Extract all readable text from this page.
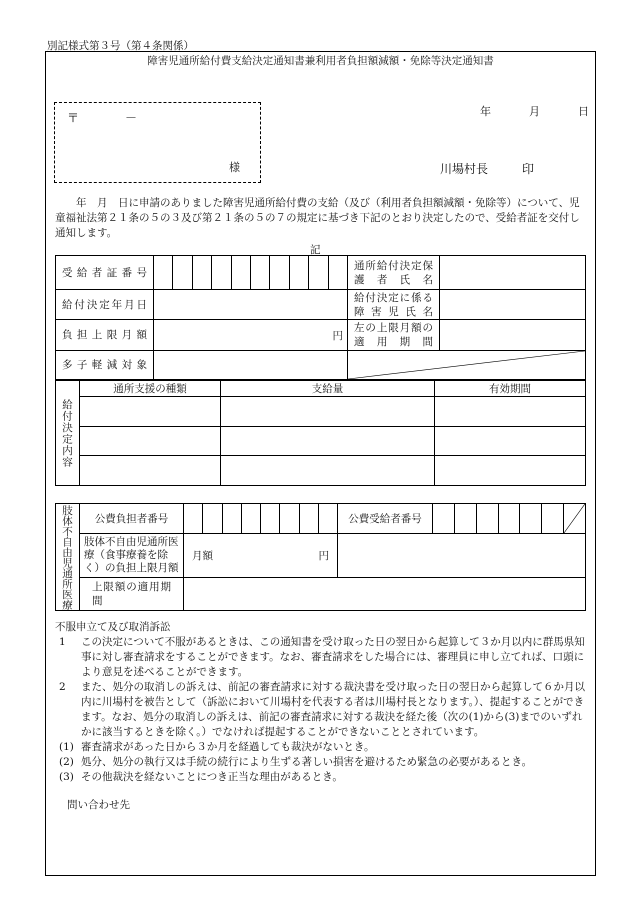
別記様式第３号（第４条関係）
障害児通所給付費支給決定通知書兼利用者負担額減額・免除等決定通知書
〒	－
様
年	月	日
川場村長	印
年　月　日に申請のありました障害児通所給付費の支給（及び（利用者負担額減額・免除等）について、児童福祉法第２１条の５の３及び第２１条の５の７の規定に基づき下記のとおり決定したので、受給者証を交付し通知します。
記
受給者証番号		通所給付決定保護者氏名	
給付決定年月日		給付決定に係る障害児氏名	
負担上限月額	円	左の上限月額の適用期間	
多子軽減対象		
給付決定内容	通所支援の種類	支給量	有効期間

肢体不自由児通所医療	公費負担者番号		公費受給者番号

	肢体不自由児通所医療（食事療養を除く）の負担上限月額	月額 円	

	上限額の適用期間		

不服申立て及び取消訴訟

1	この決定について不服があるときは、この通知書を受け取った日の翌日から起算して３か月以内に群馬県知事に対し審査請求をすることができます。なお、審査請求をした場合には、審理員に申し立てれば、口頭により意見を述べることができます。
2	また、処分の取消しの訴えは、前記の審査請求に対する裁決書を受け取った日の翌日から起算して６か月以内に川場村を被告として（訴訟において川場村を代表する者は川場村長となります。）、提起することができます。なお、処分の取消しの訴えは、前記の審査請求に対する裁決を経た後（次の(1)から(3)までのいずれかに該当するときを除く。）でなければ提起することができないこととされています。
(1) 審査請求があった日から３か月を経過しても裁決がないとき。
(2) 処分、処分の執行又は手続の続行により生ずる著しい損害を避けるため緊急の必要があるとき。
(3) その他裁決を経ないことにつき正当な理由があるとき。
問い合わせ先
